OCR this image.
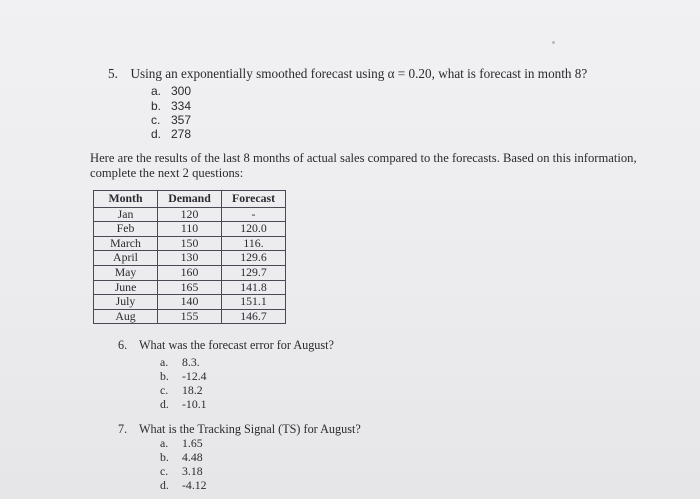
5. Using an exponentially smoothed forecast using α = 0.20, what is forecast in month 8?
a. 300
b. 334
c. 357
d. 278
Here are the results of the last 8 months of actual sales compared to the forecasts. Based on this information,
complete the next 2 questions:
Month	Demand	Forecast
Jan	120	-
Feb	110	120.0
March	150	116.
April	130	129.6
May	160	129.7
June	165	141.8
July	140	151.1
Aug	155	146.7
6. What was the forecast error for August?
a. 8.3.
b. -12.4
c. 18.2
d. -10.1
7. What is the Tracking Signal (TS) for August?
a. 1.65
b. 4.48
c. 3.18
d. -4.12
